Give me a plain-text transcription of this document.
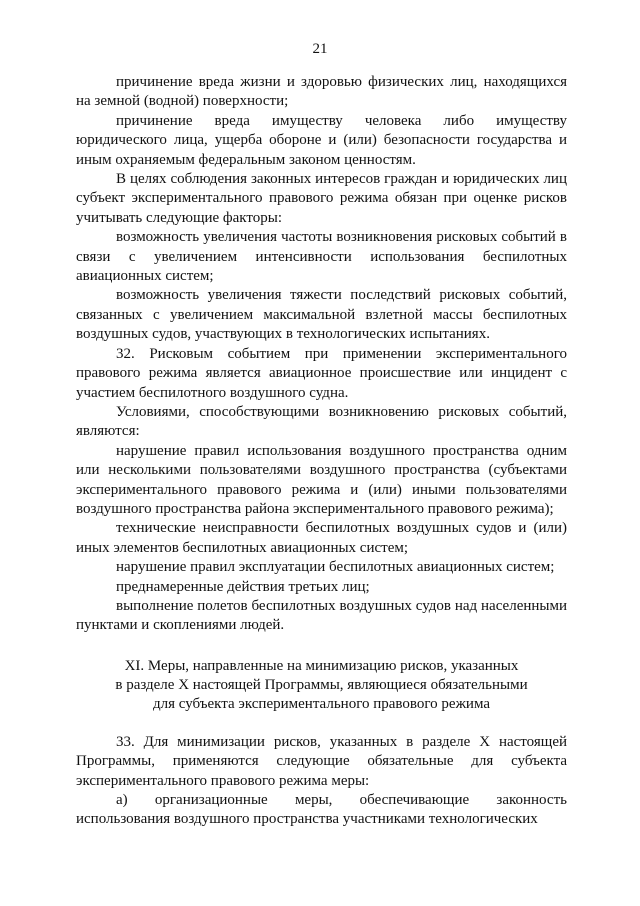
21

причинение вреда жизни и здоровью физических лиц, находящихся на земной (водной) поверхности;

причинение вреда имуществу человека либо имуществу юридического лица, ущерба обороне и (или) безопасности государства и иным охраняемым федеральным законом ценностям.

В целях соблюдения законных интересов граждан и юридических лиц субъект экспериментального правового режима обязан при оценке рисков учитывать следующие факторы:

возможность увеличения частоты возникновения рисковых событий в связи с увеличением интенсивности использования беспилотных авиационных систем;

возможность увеличения тяжести последствий рисковых событий, связанных с увеличением максимальной взлетной массы беспилотных воздушных судов, участвующих в технологических испытаниях.

32. Рисковым событием при применении экспериментального правового режима является авиационное происшествие или инцидент с участием беспилотного воздушного судна.

Условиями, способствующими возникновению рисковых событий, являются:

нарушение правил использования воздушного пространства одним или несколькими пользователями воздушного пространства (субъектами экспериментального правового режима и (или) иными пользователями воздушного пространства района экспериментального правового режима);

технические неисправности беспилотных воздушных судов и (или) иных элементов беспилотных авиационных систем;

нарушение правил эксплуатации беспилотных авиационных систем;

преднамеренные действия третьих лиц;

выполнение полетов беспилотных воздушных судов над населенными пунктами и скоплениями людей.

XI. Меры, направленные на минимизацию рисков, указанных
в разделе X настоящей Программы, являющиеся обязательными
для субъекта экспериментального правового режима

33. Для минимизации рисков, указанных в разделе X настоящей Программы, применяются следующие обязательные для субъекта экспериментального правового режима меры:

а) организационные меры, обеспечивающие законность использования воздушного пространства участниками технологических
